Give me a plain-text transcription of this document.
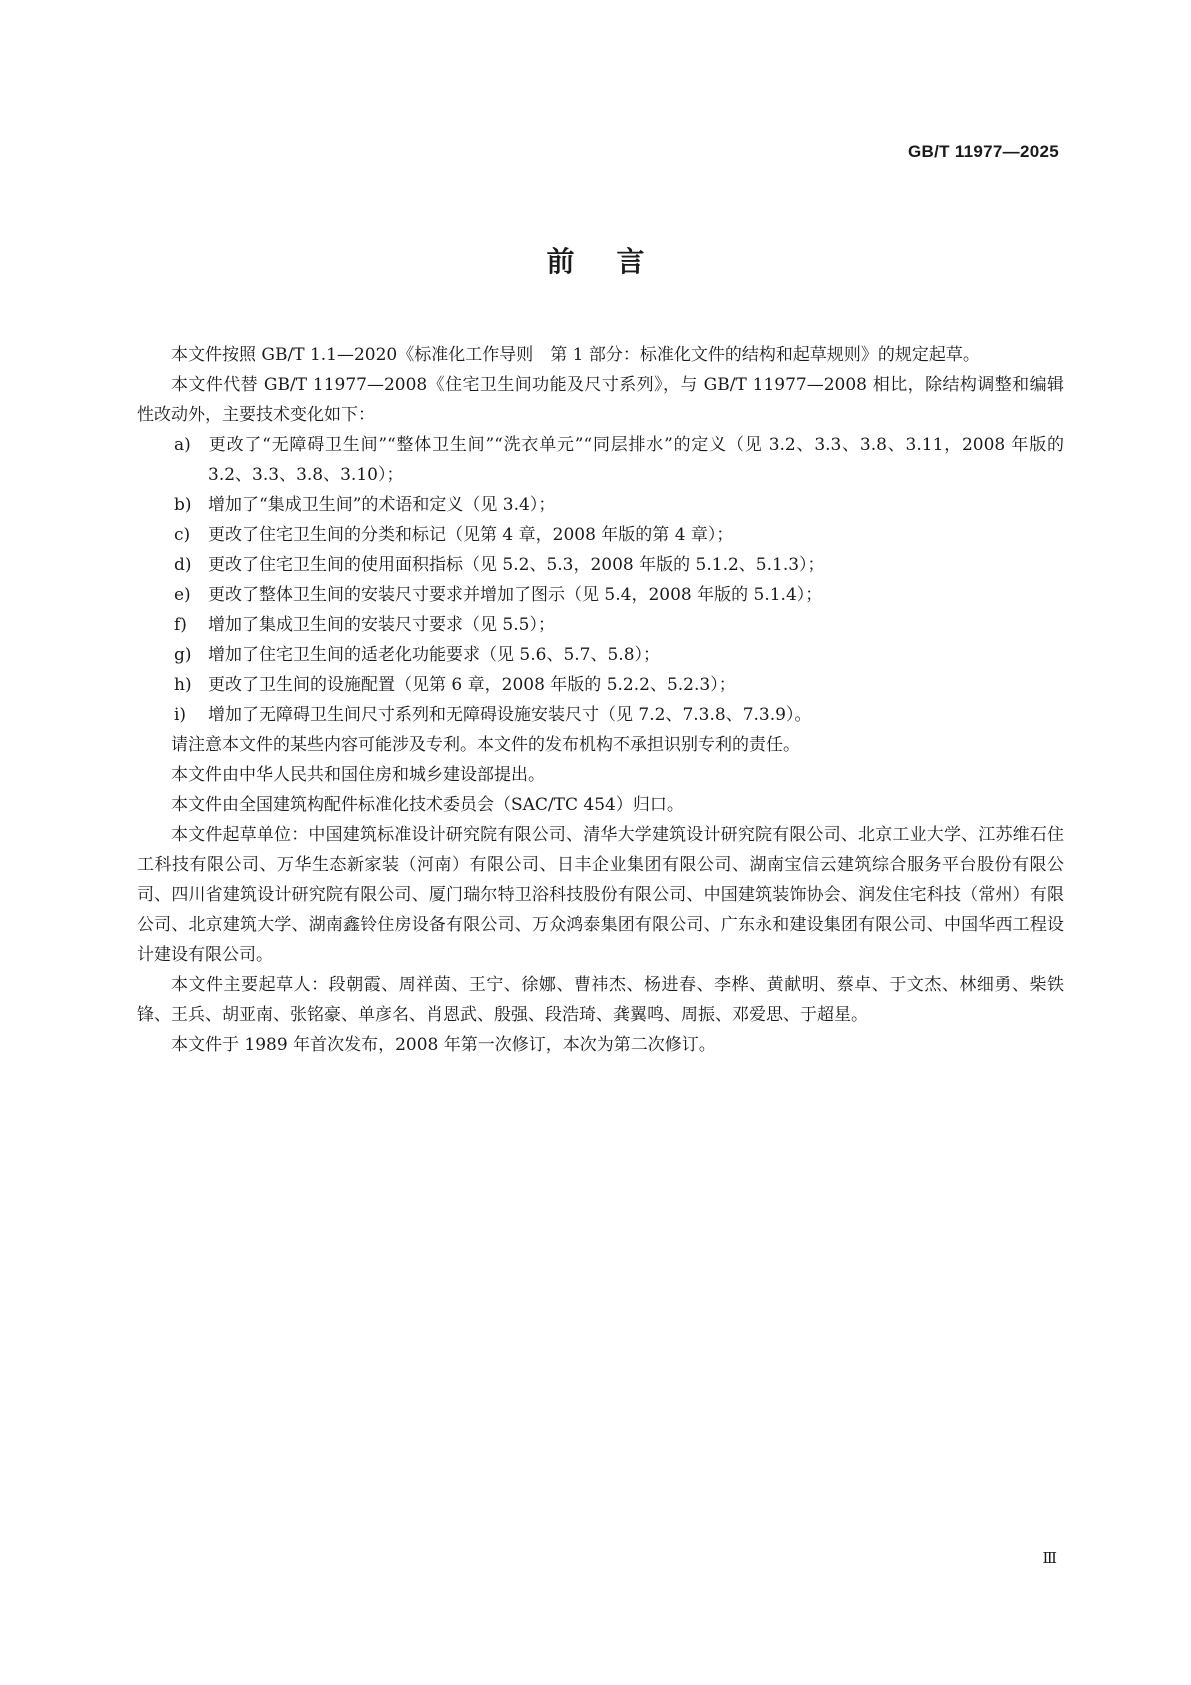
GB/T 11977—2025
前言

本文件按照 GB/T 1.1—2020《标准化工作导则　第 1 部分：标准化文件的结构和起草规则》的规定起草。

本文件代替 GB/T 11977—2008《住宅卫生间功能及尺寸系列》，与 GB/T 11977—2008 相比，除结构调整和编辑性改动外，主要技术变化如下：

a) 更改了“无障碍卫生间”“整体卫生间”“洗衣单元”“同层排水”的定义（见 3.2、3.3、3.8、3.11，2008 年版的 3.2、3.3、3.8、3.10）；

b) 增加了“集成卫生间”的术语和定义（见 3.4）；

c) 更改了住宅卫生间的分类和标记（见第 4 章，2008 年版的第 4 章）；

d) 更改了住宅卫生间的使用面积指标（见 5.2、5.3，2008 年版的 5.1.2、5.1.3）；

e) 更改了整体卫生间的安装尺寸要求并增加了图示（见 5.4，2008 年版的 5.1.4）；

f) 增加了集成卫生间的安装尺寸要求（见 5.5）；

g) 增加了住宅卫生间的适老化功能要求（见 5.6、5.7、5.8）；

h) 更改了卫生间的设施配置（见第 6 章，2008 年版的 5.2.2、5.2.3）；

i) 增加了无障碍卫生间尺寸系列和无障碍设施安装尺寸（见 7.2、7.3.8、7.3.9）。

请注意本文件的某些内容可能涉及专利。本文件的发布机构不承担识别专利的责任。

本文件由中华人民共和国住房和城乡建设部提出。

本文件由全国建筑构配件标准化技术委员会（SAC/TC 454）归口。

本文件起草单位：中国建筑标准设计研究院有限公司、清华大学建筑设计研究院有限公司、北京工业大学、江苏维石住工科技有限公司、万华生态新家装（河南）有限公司、日丰企业集团有限公司、湖南宝信云建筑综合服务平台股份有限公司、四川省建筑设计研究院有限公司、厦门瑞尔特卫浴科技股份有限公司、中国建筑装饰协会、润发住宅科技（常州）有限公司、北京建筑大学、湖南鑫铃住房设备有限公司、万众鸿泰集团有限公司、广东永和建设集团有限公司、中国华西工程设计建设有限公司。

本文件主要起草人：段朝霞、周祥茵、王宁、徐娜、曹祎杰、杨进春、李桦、黄献明、蔡卓、于文杰、林细勇、柴铁锋、王兵、胡亚南、张铭豪、单彦名、肖恩武、殷强、段浩琦、龚翼鸣、周振、邓爱思、于超星。

本文件于 1989 年首次发布，2008 年第一次修订，本次为第二次修订。

Ⅲ
